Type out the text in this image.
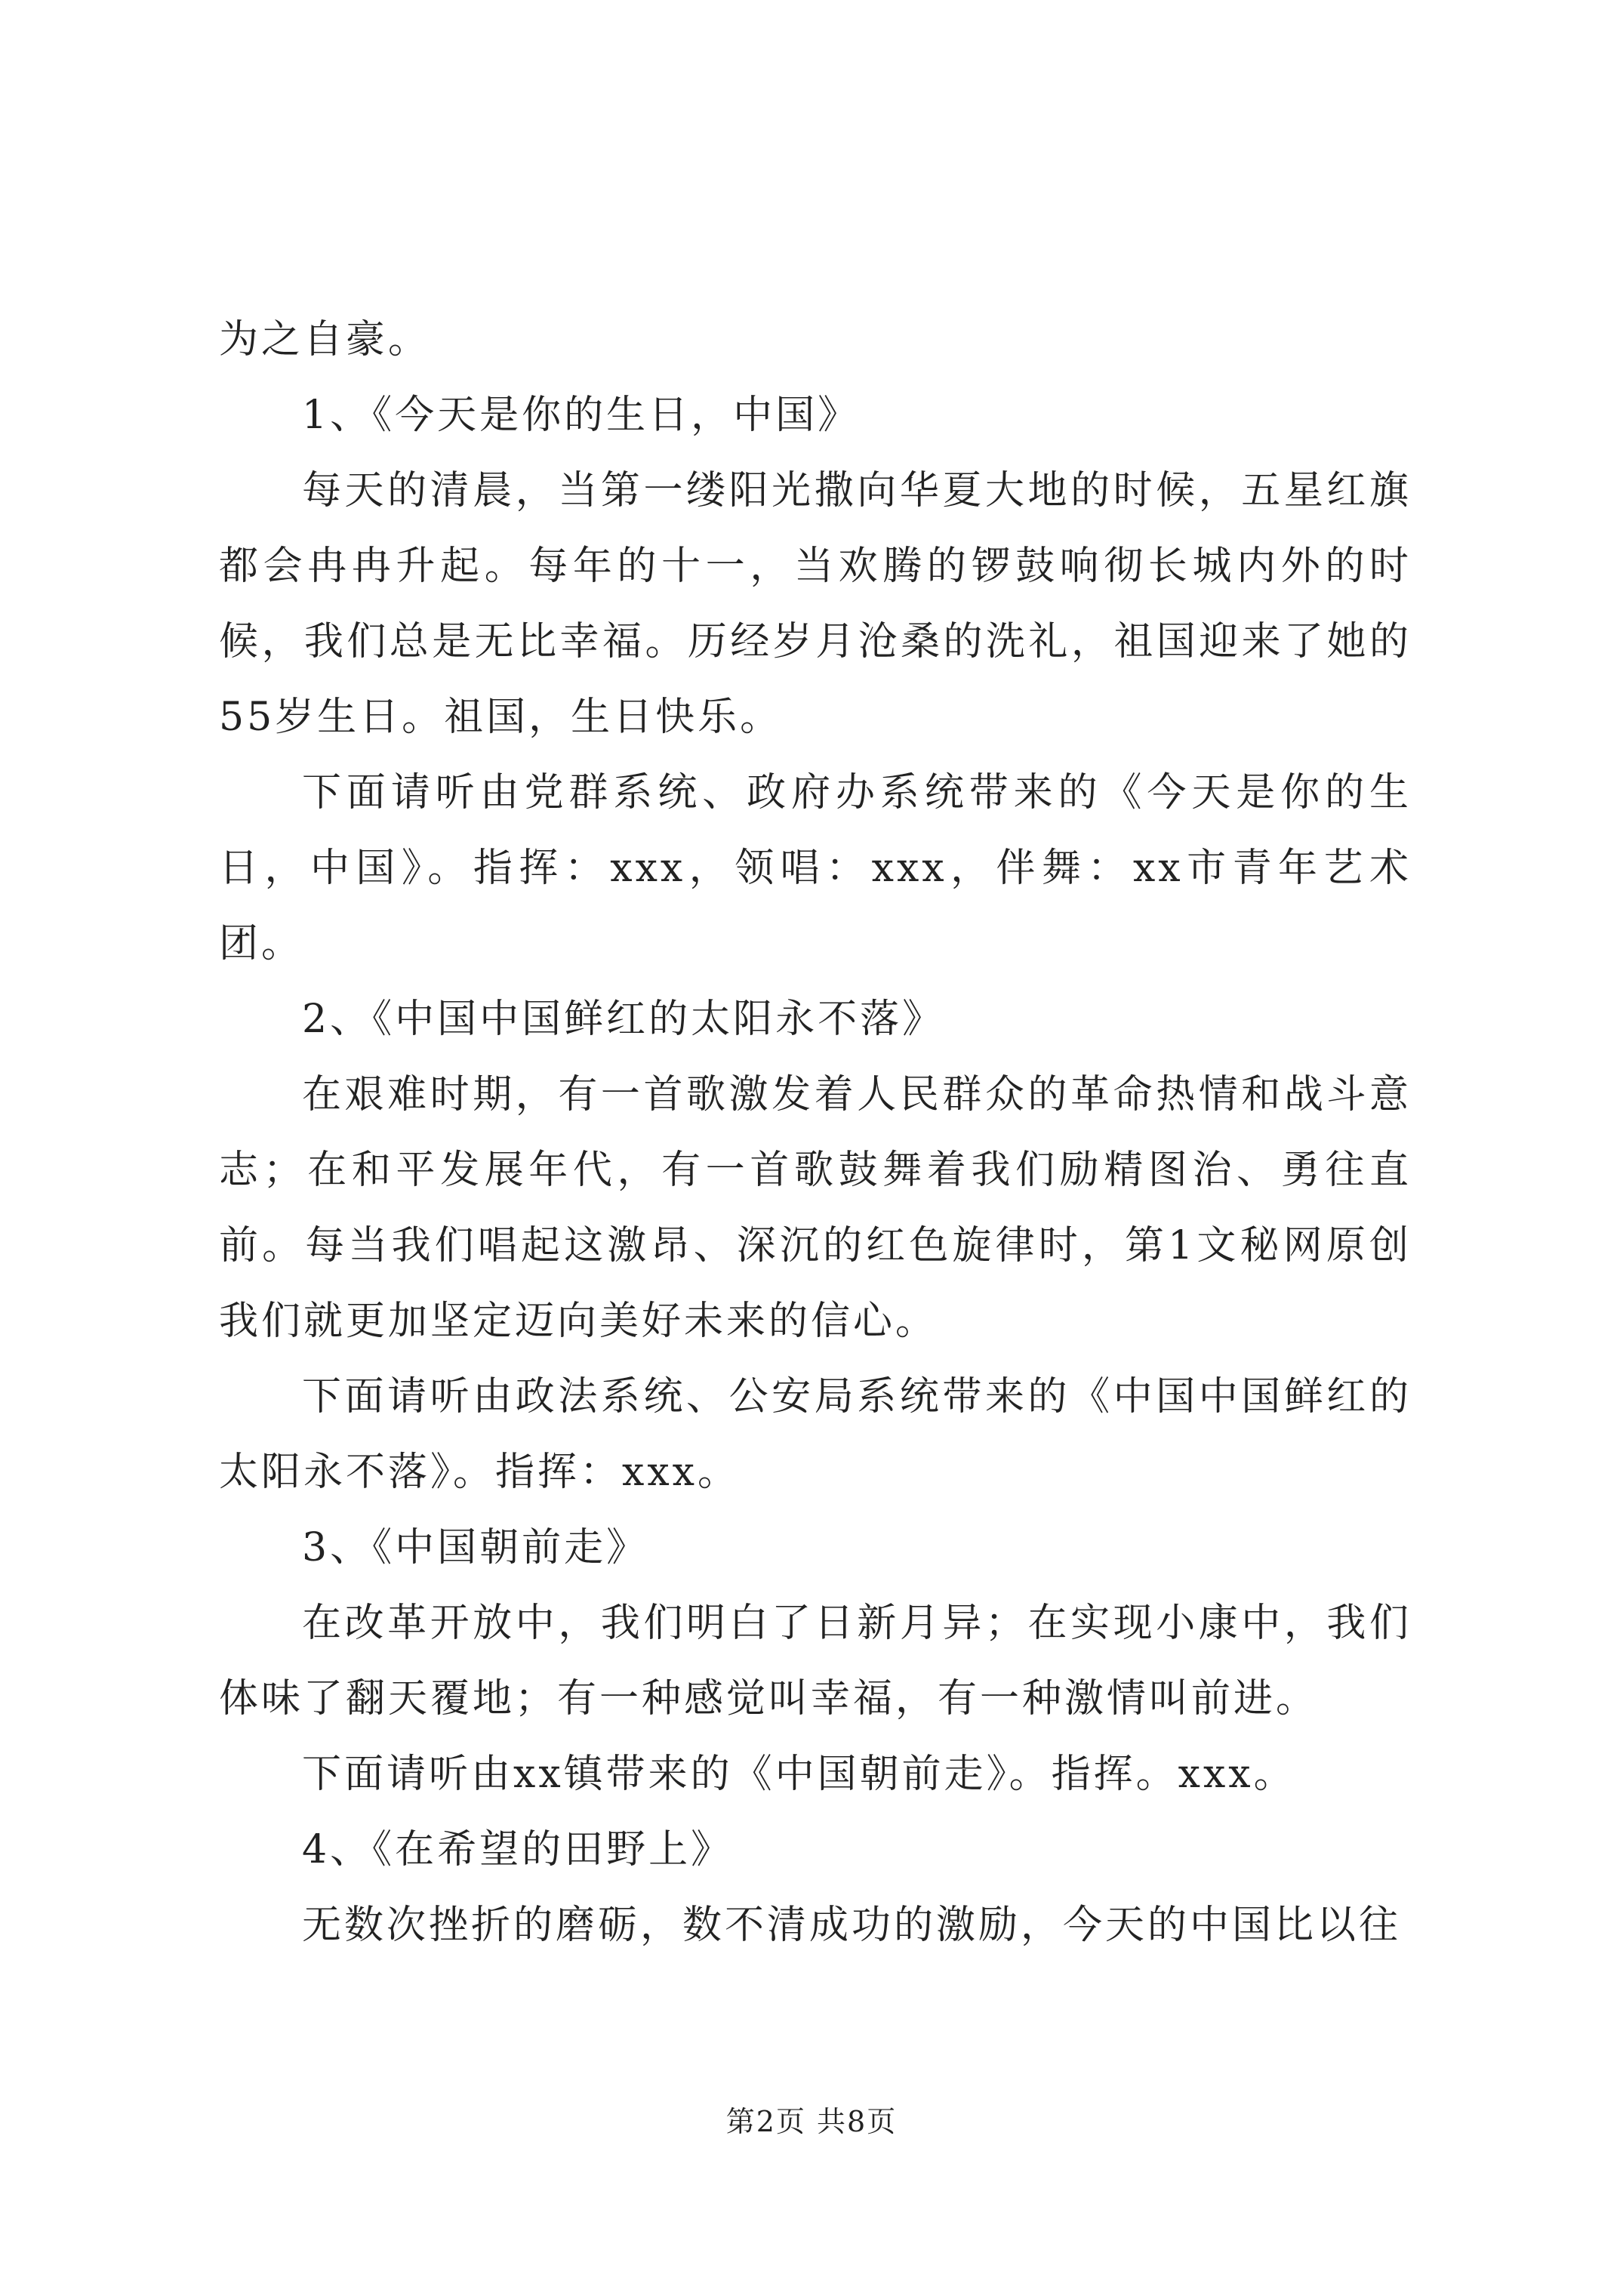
为之自豪。

1、《今天是你的生日，中国》

每天的清晨，当第一缕阳光撒向华夏大地的时候，五星红旗都会冉冉升起。每年的十一，当欢腾的锣鼓响彻长城内外的时候，我们总是无比幸福。历经岁月沧桑的洗礼，祖国迎来了她的55岁生日。祖国，生日快乐。

下面请听由党群系统、政府办系统带来的《今天是你的生日，中国》。指挥：xxx，领唱：xxx，伴舞：xx市青年艺术团。

2、《中国中国鲜红的太阳永不落》

在艰难时期，有一首歌激发着人民群众的革命热情和战斗意志；在和平发展年代，有一首歌鼓舞着我们励精图治、勇往直前。每当我们唱起这激昂、深沉的红色旋律时，第1文秘网原创我们就更加坚定迈向美好未来的信心。

下面请听由政法系统、公安局系统带来的《中国中国鲜红的太阳永不落》。指挥：xxx。

3、《中国朝前走》

在改革开放中，我们明白了日新月异；在实现小康中，我们体味了翻天覆地；有一种感觉叫幸福，有一种激情叫前进。

下面请听由xx镇带来的《中国朝前走》。指挥。xxx。

4、《在希望的田野上》

无数次挫折的磨砺，数不清成功的激励，今天的中国比以往

第2页 共8页
